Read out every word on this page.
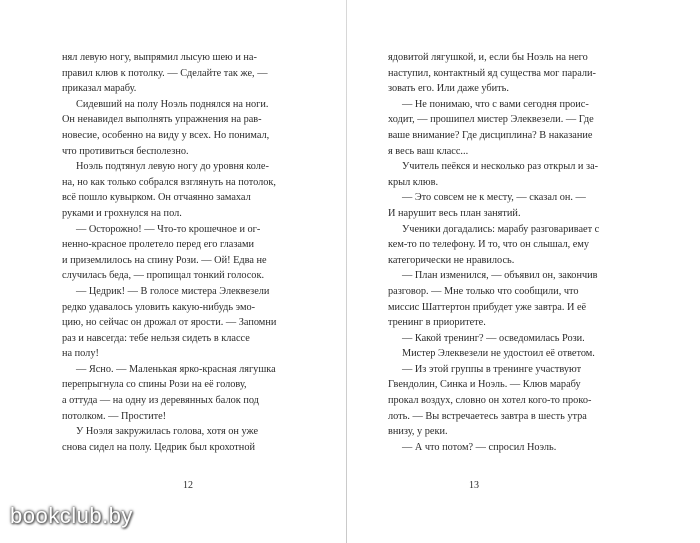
нял левую ногу, выпрямил лысую шею и на-
правил клюв к потолку. — Сделайте так же, —
приказал марабу.
Сидевший на полу Ноэль поднялся на ноги.
Он ненавидел выполнять упражнения на рав-
новесие, особенно на виду у всех. Но понимал,
что противиться бесполезно.
Ноэль подтянул левую ногу до уровня коле-
на, но как только собрался взглянуть на потолок,
всё пошло кувырком. Он отчаянно замахал
руками и грохнулся на пол.
— Осторожно! — Что-то крошечное и ог-
ненно-красное пролетело перед его глазами
и приземлилось на спину Рози. — Ой! Едва не
случилась беда, — пропищал тонкий голосок.
— Цедрик! — В голосе мистера Элеквезели
редко удавалось уловить какую-нибудь эмо-
цию, но сейчас он дрожал от ярости. — Запомни
раз и навсегда: тебе нельзя сидеть в классе
на полу!
— Ясно. — Маленькая ярко-красная лягушка
перепрыгнула со спины Рози на её голову,
а оттуда — на одну из деревянных балок под
потолком. — Простите!
У Ноэля закружилась голова, хотя он уже
снова сидел на полу. Цедрик был крохотной
12
ядовитой лягушкой, и, если бы Ноэль на него
наступил, контактный яд существа мог парали-
зовать его. Или даже убить.
— Не понимаю, что с вами сегодня проис-
ходит, — прошипел мистер Элеквезели. — Где
ваше внимание? Где дисциплина? В наказание
я весь ваш класс...
Учитель пеёкся и несколько раз открыл и за-
крыл клюв.
— Это совсем не к месту, — сказал он. —
И нарушит весь план занятий.
Ученики догадались: марабу разговаривает с
кем-то по телефону. И то, что он слышал, ему
категорически не нравилось.
— План изменился, — объявил он, закончив
разговор. — Мне только что сообщили, что
миссис Шаттертон прибудет уже завтра. И её
тренинг в приоритете.
— Какой тренинг? — осведомилась Рози.
Мистер Элеквезели не удостоил её ответом.
— Из этой группы в тренинге участвуют
Гвендолин, Синка и Ноэль. — Клюв марабу
прокал воздух, словно он хотел кого-то проко-
лоть. — Вы встречаетесь завтра в шесть утра
внизу, у реки.
— А что потом? — спросил Ноэль.
13
bookclub.by
